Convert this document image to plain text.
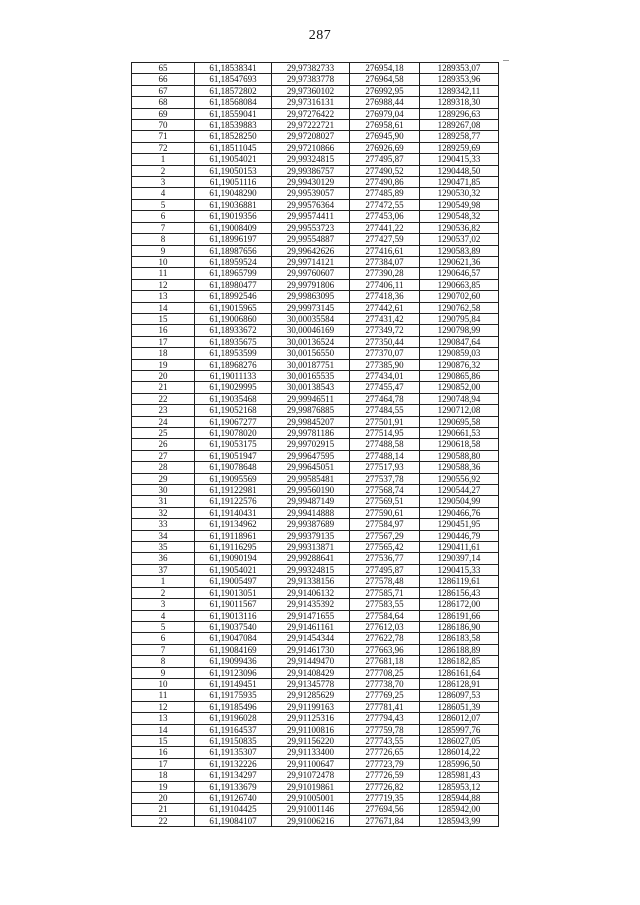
287
65	61,18538341	29,97382733	276954,18	1289353,07
66	61,18547693	29,97383778	276964,58	1289353,96
67	61,18572802	29,97360102	276992,95	1289342,11
68	61,18568084	29,97316131	276988,44	1289318,30
69	61,18559041	29,97276422	276979,04	1289296,63
70	61,18539883	29,97222721	276958,61	1289267,08
71	61,18528250	29,97208027	276945,90	1289258,77
72	61,18511045	29,97210866	276926,69	1289259,69
1	61,19054021	29,99324815	277495,87	1290415,33
2	61,19050153	29,99386757	277490,52	1290448,50
3	61,19051116	29,99430129	277490,86	1290471,85
4	61,19048290	29,99539057	277485,89	1290530,32
5	61,19036881	29,99576364	277472,55	1290549,98
6	61,19019356	29,99574411	277453,06	1290548,32
7	61,19008409	29,99553723	277441,22	1290536,82
8	61,18996197	29,99554887	277427,59	1290537,02
9	61,18987656	29,99642626	277416,61	1290583,89
10	61,18959524	29,99714121	277384,07	1290621,36
11	61,18965799	29,99760607	277390,28	1290646,57
12	61,18980477	29,99791806	277406,11	1290663,85
13	61,18992546	29,99863095	277418,36	1290702,60
14	61,19015965	29,99973145	277442,61	1290762,58
15	61,19006860	30,00035584	277431,42	1290795,84
16	61,18933672	30,00046169	277349,72	1290798,99
17	61,18935675	30,00136524	277350,44	1290847,64
18	61,18953599	30,00156550	277370,07	1290859,03
19	61,18968276	30,00187751	277385,90	1290876,32
20	61,19011133	30,00165535	277434,01	1290865,86
21	61,19029995	30,00138543	277455,47	1290852,00
22	61,19035468	29,99946511	277464,78	1290748,94
23	61,19052168	29,99876885	277484,55	1290712,08
24	61,19067277	29,99845207	277501,91	1290695,58
25	61,19078020	29,99781186	277514,95	1290661,53
26	61,19053175	29,99702915	277488,58	1290618,58
27	61,19051947	29,99647595	277488,14	1290588,80
28	61,19078648	29,99645051	277517,93	1290588,36
29	61,19095569	29,99585481	277537,78	1290556,92
30	61,19122981	29,99560190	277568,74	1290544,27
31	61,19122576	29,99487149	277569,51	1290504,99
32	61,19140431	29,99414888	277590,61	1290466,76
33	61,19134962	29,99387689	277584,97	1290451,95
34	61,19118961	29,99379135	277567,29	1290446,79
35	61,19116295	29,99313871	277565,42	1290411,61
36	61,19090194	29,99288641	277536,77	1290397,14
37	61,19054021	29,99324815	277495,87	1290415,33
1	61,19005497	29,91338156	277578,48	1286119,61
2	61,19013051	29,91406132	277585,71	1286156,43
3	61,19011567	29,91435392	277583,55	1286172,00
4	61,19013116	29,91471655	277584,64	1286191,66
5	61,19037540	29,91461161	277612,03	1286186,90
6	61,19047084	29,91454344	277622,78	1286183,58
7	61,19084169	29,91461730	277663,96	1286188,89
8	61,19099436	29,91449470	277681,18	1286182,85
9	61,19123096	29,91408429	277708,25	1286161,64
10	61,19149451	29,91345778	277738,70	1286128,91
11	61,19175935	29,91285629	277769,25	1286097,53
12	61,19185496	29,91199163	277781,41	1286051,39
13	61,19196028	29,91125316	277794,43	1286012,07
14	61,19164537	29,91100816	277759,78	1285997,76
15	61,19150835	29,91156220	277743,55	1286027,05
16	61,19135307	29,91133400	277726,65	1286014,22
17	61,19132226	29,91100647	277723,79	1285996,50
18	61,19134297	29,91072478	277726,59	1285981,43
19	61,19133679	29,91019861	277726,82	1285953,12
20	61,19126740	29,91005001	277719,35	1285944,88
21	61,19104425	29,91001146	277694,56	1285942,00
22	61,19084107	29,91006216	277671,84	1285943,99
